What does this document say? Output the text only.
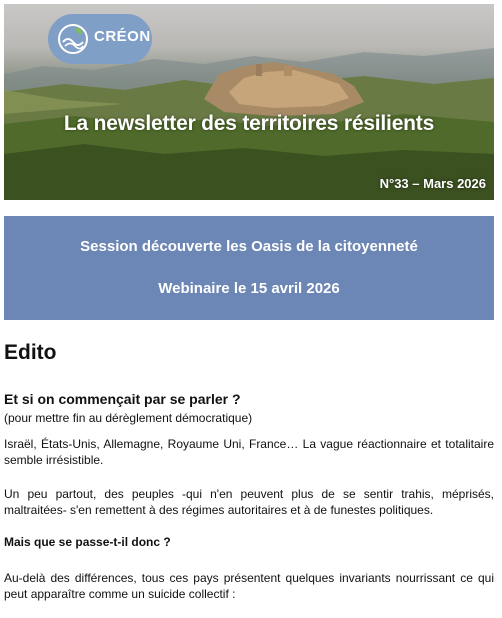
CRÉON
La newsletter des territoires résilients
N°33 – Mars 2026
Session découverte les Oasis de la citoyenneté
Webinaire le 15 avril 2026
Edito

Et si on commençait par se parler ?

(pour mettre fin au dérèglement démocratique)

Israël, États-Unis, Allemagne, Royaume Uni, France… La vague réactionnaire et totalitaire semble irrésistible.

Un peu partout, des peuples -qui n'en peuvent plus de se sentir trahis, méprisés, maltraitées- s'en remettent à des régimes autoritaires et à de funestes politiques.

Mais que se passe-t-il donc ?

Au-delà des différences, tous ces pays présentent quelques invariants nourrissant ce qui peut apparaître comme un suicide collectif :
